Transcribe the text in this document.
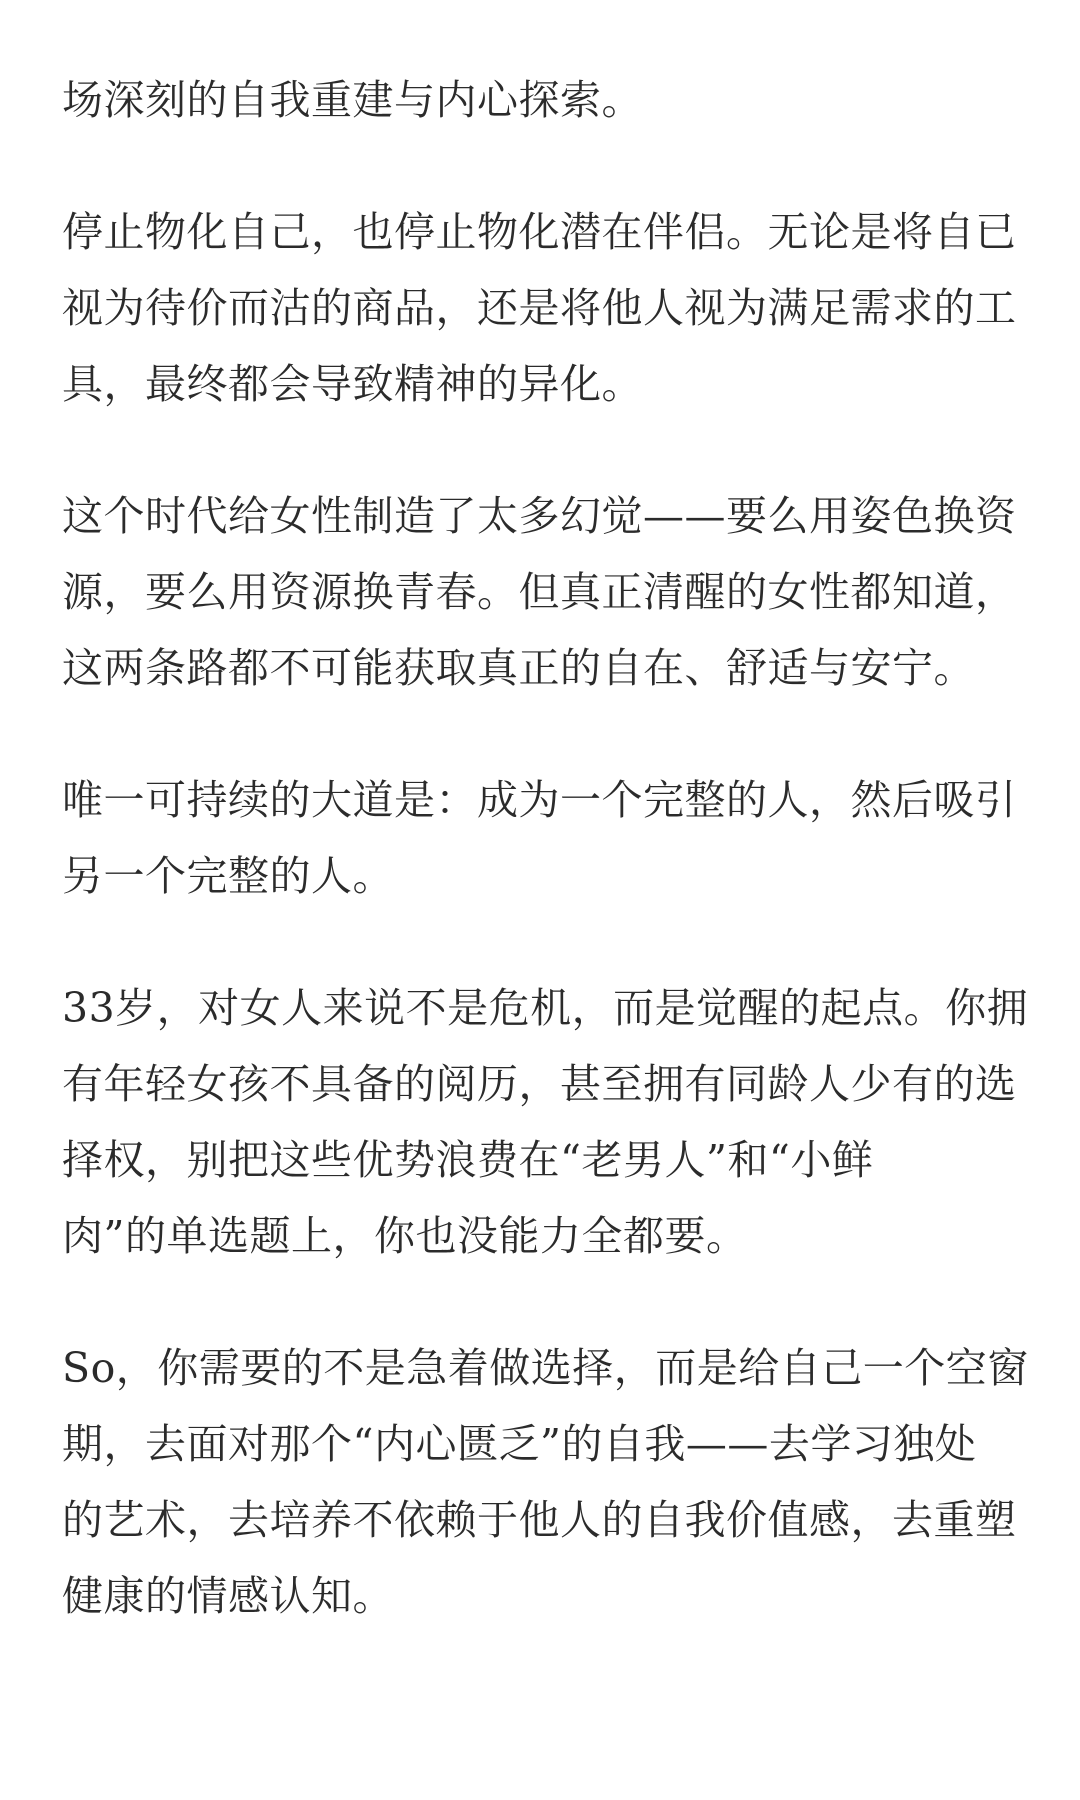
场深刻的自我重建与内心探索。

停止物化自己，也停止物化潜在伴侣。无论是将自已
视为待价而沽的商品，还是将他人视为满足需求的工
具，最终都会导致精神的异化。

这个时代给女性制造了太多幻觉——要么用姿色换资
源，要么用资源换青春。但真正清醒的女性都知道，
这两条路都不可能获取真正的自在、舒适与安宁。

唯一可持续的大道是：成为一个完整的人，然后吸引
另一个完整的人。

33岁，对女人来说不是危机，而是觉醒的起点。你拥
有年轻女孩不具备的阅历，甚至拥有同龄人少有的选
择权，别把这些优势浪费在“老男人”和“小鲜
肉”的单选题上，你也没能力全都要。

So，你需要的不是急着做选择，而是给自己一个空窗
期，去面对那个“内心匮乏”的自我——去学习独处
的艺术，去培养不依赖于他人的自我价值感，去重塑
健康的情感认知。
